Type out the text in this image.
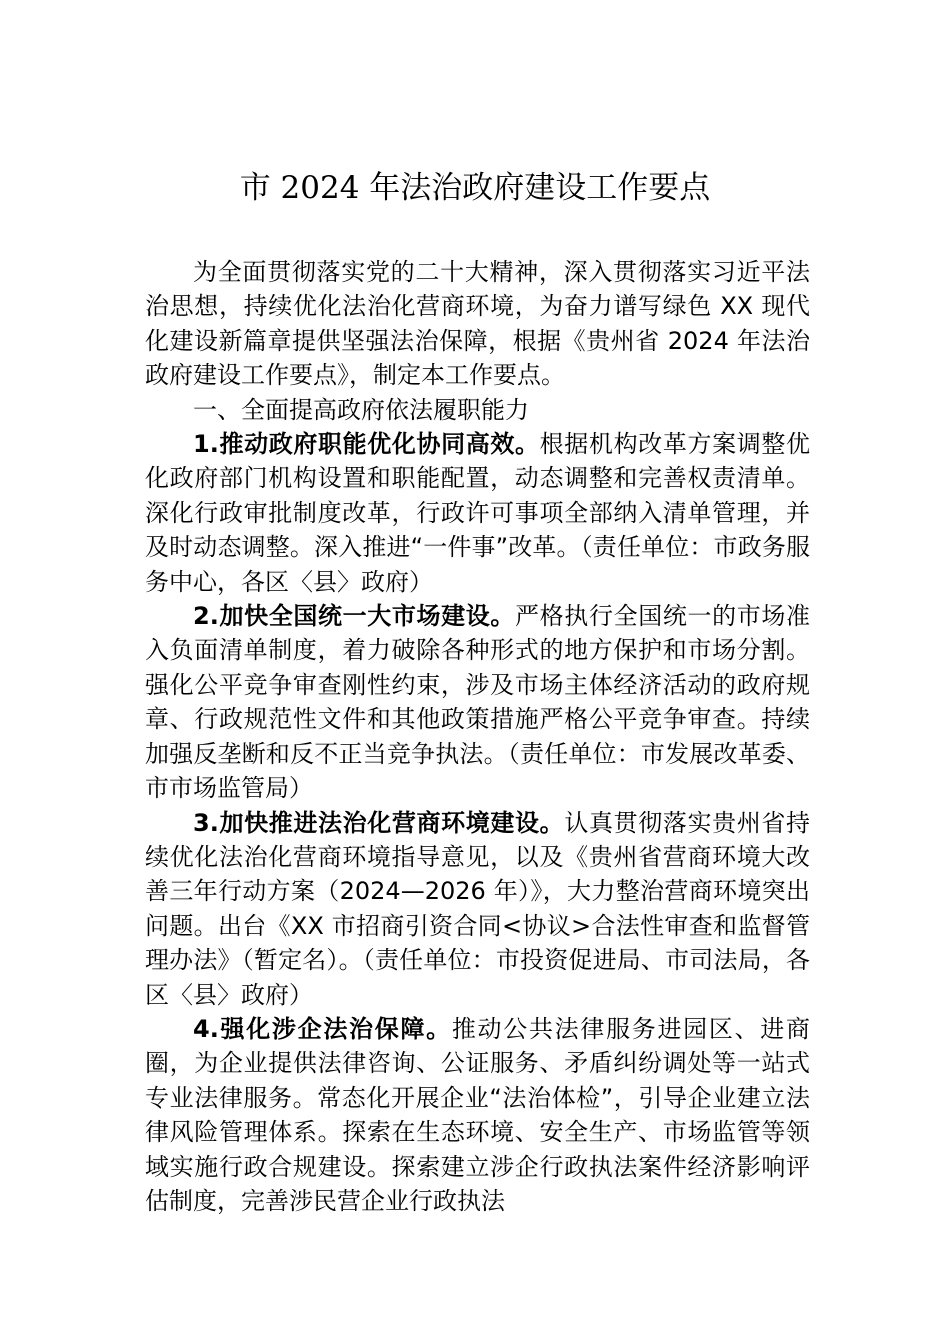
市 2024 年法治政府建设工作要点

为全面贯彻落实党的二十大精神，深入贯彻落实习近平法治思想，持续优化法治化营商环境，为奋力谱写绿色 XX 现代化建设新篇章提供坚强法治保障，根据《贵州省 2024 年法治政府建设工作要点》，制定本工作要点。

一、全面提高政府依法履职能力

1.推动政府职能优化协同高效。根据机构改革方案调整优化政府部门机构设置和职能配置，动态调整和完善权责清单。深化行政审批制度改革，行政许可事项全部纳入清单管理，并及时动态调整。深入推进“一件事”改革。（责任单位：市政务服务中心，各区〈县〉政府）

2.加快全国统一大市场建设。严格执行全国统一的市场准入负面清单制度，着力破除各种形式的地方保护和市场分割。强化公平竞争审查刚性约束，涉及市场主体经济活动的政府规章、行政规范性文件和其他政策措施严格公平竞争审查。持续加强反垄断和反不正当竞争执法。（责任单位：市发展改革委、市市场监管局）

3.加快推进法治化营商环境建设。认真贯彻落实贵州省持续优化法治化营商环境指导意见，以及《贵州省营商环境大改善三年行动方案（2024—2026 年）》，大力整治营商环境突出问题。出台《XX 市招商引资合同<协议>合法性审查和监督管理办法》（暂定名）。（责任单位：市投资促进局、市司法局，各区〈县〉政府）

4.强化涉企法治保障。推动公共法律服务进园区、进商圈，为企业提供法律咨询、公证服务、矛盾纠纷调处等一站式专业法律服务。常态化开展企业“法治体检”，引导企业建立法律风险管理体系。探索在生态环境、安全生产、市场监管等领域实施行政合规建设。探索建立涉企行政执法案件经济影响评估制度，完善涉民营企业行政执法
